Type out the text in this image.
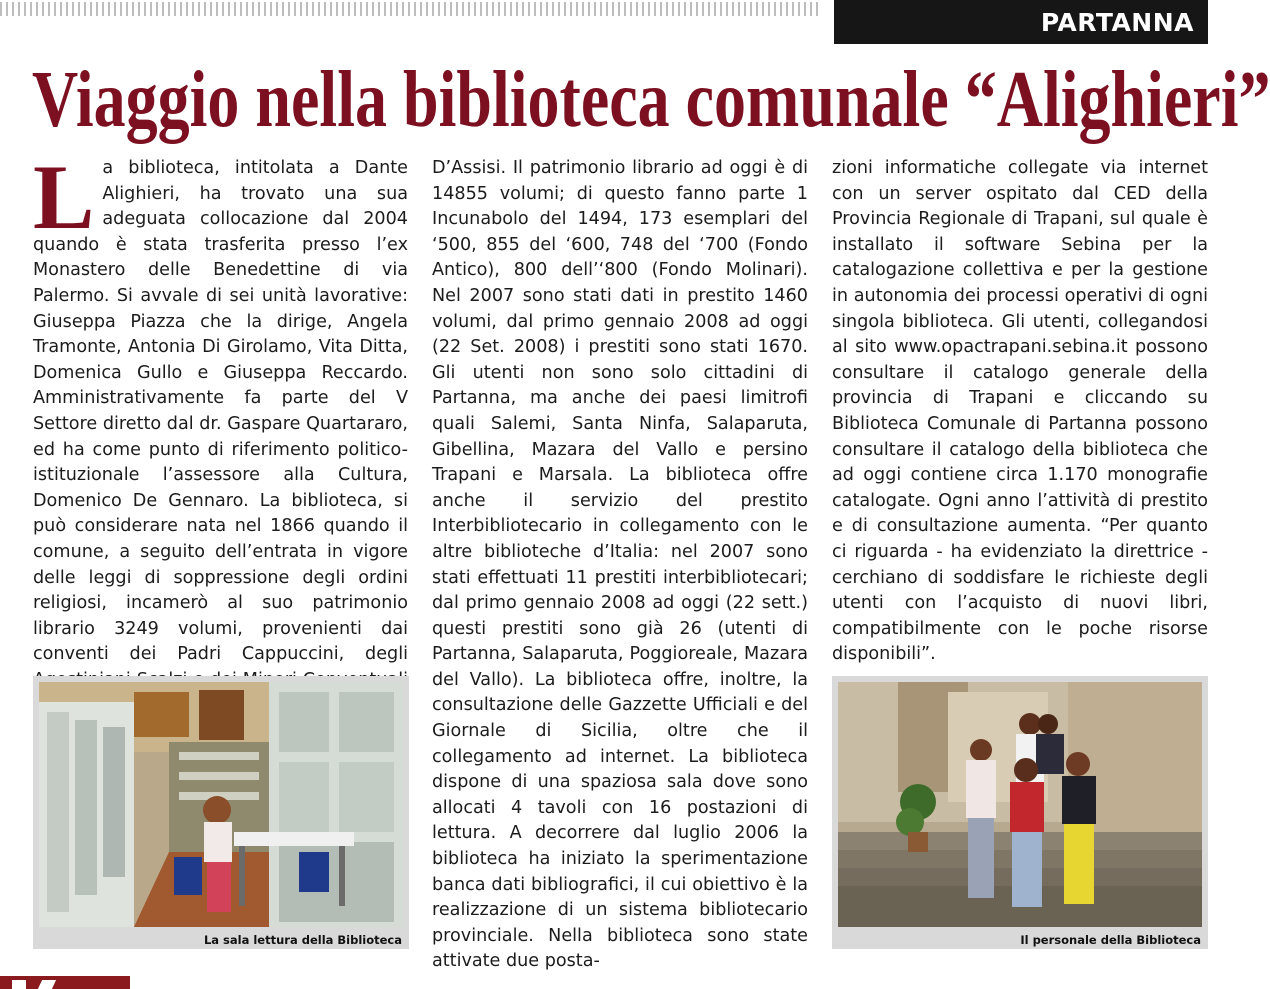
PARTANNA
Viaggio nella biblioteca comunale “Alighieri”
L a biblioteca, intitolata a Dante Alighieri, ha trovato una sua adeguata collocazione dal 2004 quando è stata trasferita presso l’ex Monastero delle Benedettine di via Palermo. Si avvale di sei unità lavorative: Giuseppa Piazza che la dirige, Angela Tramonte, Antonia Di Girolamo, Vita Ditta, Domenica Gullo e Giuseppa Reccardo. Amministrativamente fa parte del V Settore diretto dal dr. Gaspare Quartararo, ed ha come punto di riferimento politico-istituzionale l’assessore alla Cultura, Domenico De Gennaro. La biblioteca, si può considerare nata nel 1866 quando il comune, a seguito dell’entrata in vigore delle leggi di soppressione degli ordini religiosi, incamerò al suo patrimonio librario 3249 volumi, provenienti dai conventi dei Padri Cappuccini, degli

D’Assisi. Il patrimonio librario ad oggi è di 14855 volumi; di questo fanno parte 1 Incunabolo del 1494, 173 esemplari del ‘500, 855 del ‘600, 748 del ‘700 (Fondo Antico), 800 dell’‘800 (Fondo Molinari). Nel 2007 sono stati dati in prestito 1460 volumi, dal primo gennaio 2008 ad oggi (22 Set. 2008) i prestiti sono stati 1670. Gli utenti non sono solo cittadini di Partanna, ma anche dei paesi limitrofi quali Salemi, Santa Ninfa, Salaparuta, Gibellina, Mazara del Vallo e persino Trapani e Marsala. La biblioteca offre anche il servizio del prestito Interbibliotecario in collegamento con le altre biblioteche d’Italia: nel 2007 sono stati effettuati 11 prestiti interbibliotecari; dal primo gennaio 2008 ad oggi (22 sett.) questi prestiti sono già 26 (utenti di Partanna, Salaparuta, Poggioreale, Mazara del Vallo). La biblioteca offre, inoltre, la consultazione delle Gazzette Ufficiali e del Giornale di Sicilia, oltre che il collegamento ad internet. La biblioteca dispone di una spaziosa sala dove sono allocati 4 tavoli con 16 postazioni di lettura. A decorrere dal luglio 2006 la biblioteca ha iniziato la sperimentazione banca dati bibliografici, il cui obiettivo è la realizzazione di un sistema bibliotecario provinciale. Nella biblioteca sono state attivate due posta-

zioni informatiche collegate via internet con un server ospitato dal CED della Provincia Regionale di Trapani, sul quale è installato il software Sebina per la catalogazione collettiva e per la gestione in autonomia dei processi operativi di ogni singola biblioteca. Gli utenti, collegandosi al sito www.opactrapani.sebina.it possono consultare il catalogo generale della provincia di Trapani e cliccando su Biblioteca Comunale di Partanna possono consultare il catalogo della biblioteca che ad oggi contiene circa 1.170 monografie catalogate. Ogni anno l’attività di prestito e di consultazione aumenta. “Per quanto ci riguarda - ha evidenziato la direttrice - cerchiano di soddisfare le richieste degli utenti con l’acquisto di nuovi libri, compatibilmente con le poche risorse disponibili”.

La sala lettura della Biblioteca	Il personale della Biblioteca
